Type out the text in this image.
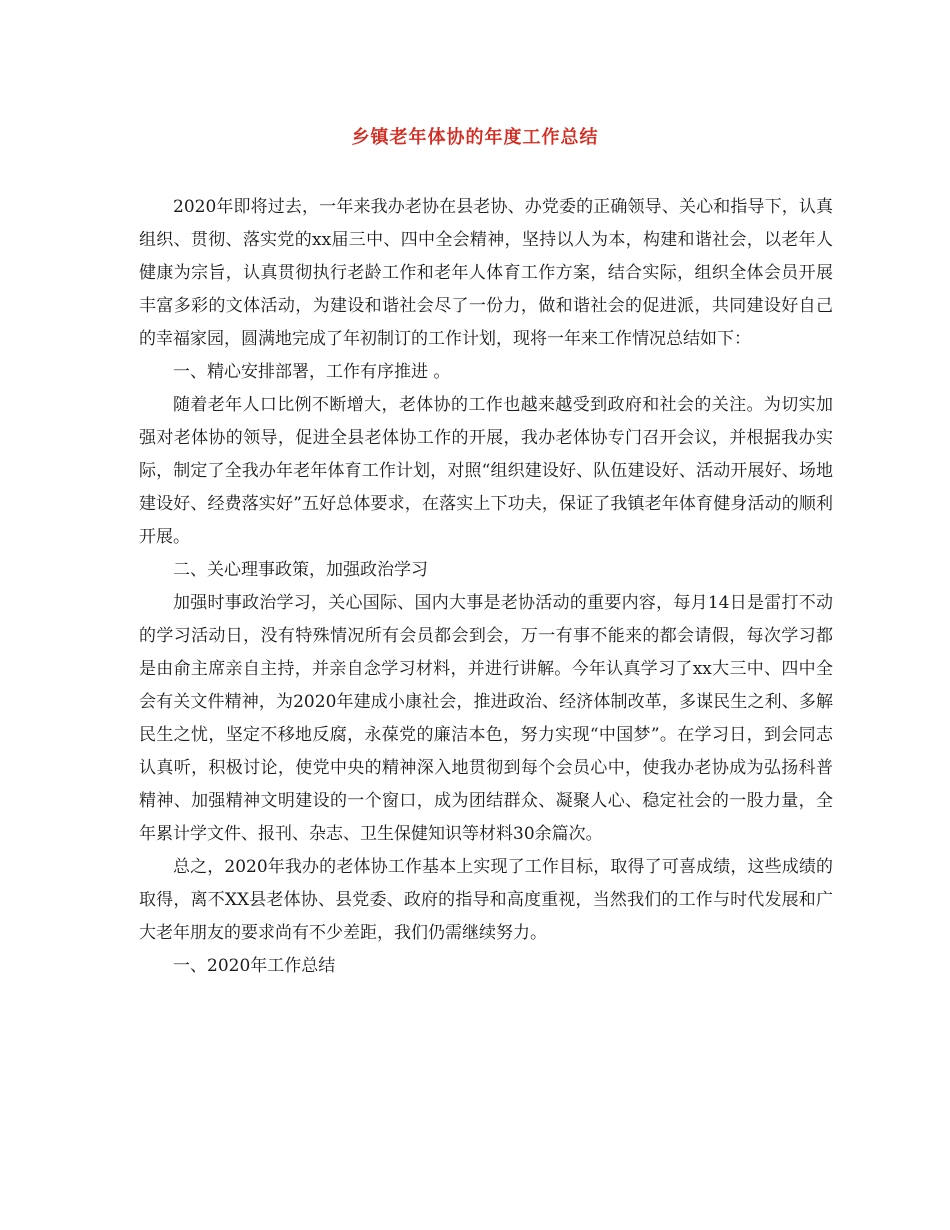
乡镇老年体协的年度工作总结

2020年即将过去，一年来我办老协在县老协、办党委的正确领导、关心和指导下，认真组织、贯彻、落实党的xx届三中、四中全会精神，坚持以人为本，构建和谐社会，以老年人健康为宗旨，认真贯彻执行老龄工作和老年人体育工作方案，结合实际，组织全体会员开展丰富多彩的文体活动，为建设和谐社会尽了一份力，做和谐社会的促进派，共同建设好自己的幸福家园，圆满地完成了年初制订的工作计划，现将一年来工作情况总结如下：

一、精心安排部署，工作有序推进 。

随着老年人口比例不断增大，老体协的工作也越来越受到政府和社会的关注。为切实加强对老体协的领导，促进全县老体协工作的开展，我办老体协专门召开会议，并根据我办实际，制定了全我办年老年体育工作计划，对照“组织建设好、队伍建设好、活动开展好、场地建设好、经费落实好”五好总体要求，在落实上下功夫，保证了我镇老年体育健身活动的顺利开展。

二、关心理事政策，加强政治学习

加强时事政治学习，关心国际、国内大事是老协活动的重要内容，每月14日是雷打不动的学习活动日，没有特殊情况所有会员都会到会，万一有事不能来的都会请假，每次学习都是由俞主席亲自主持，并亲自念学习材料，并进行讲解。今年认真学习了xx大三中、四中全会有关文件精神，为2020年建成小康社会，推进政治、经济体制改革，多谋民生之利、多解民生之忧，坚定不移地反腐，永葆党的廉洁本色，努力实现“中国梦”。在学习日，到会同志认真听，积极讨论，使党中央的精神深入地贯彻到每个会员心中，使我办老协成为弘扬科普精神、加强精神文明建设的一个窗口，成为团结群众、凝聚人心、稳定社会的一股力量，全年累计学文件、报刊、杂志、卫生保健知识等材料30余篇次。

总之，2020年我办的老体协工作基本上实现了工作目标，取得了可喜成绩，这些成绩的取得，离不XX县老体协、县党委、政府的指导和高度重视，当然我们的工作与时代发展和广大老年朋友的要求尚有不少差距，我们仍需继续努力。

一、2020年工作总结
